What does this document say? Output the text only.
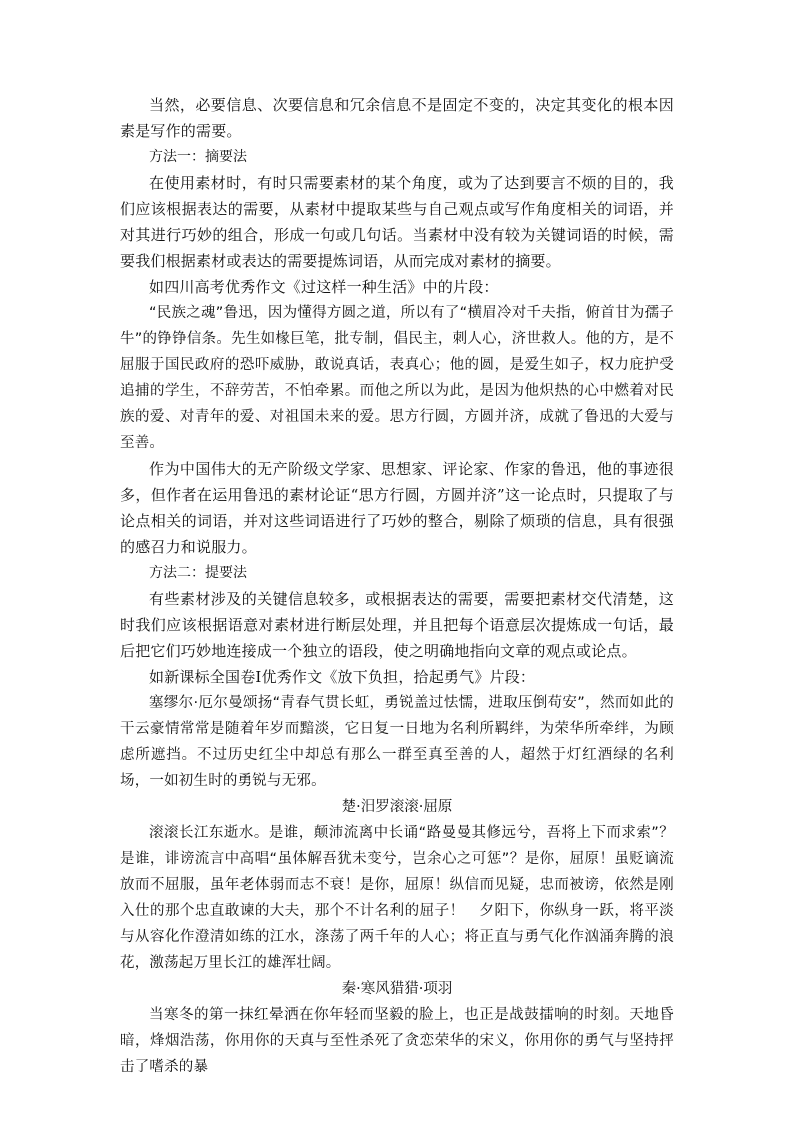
当然，必要信息、次要信息和冗余信息不是固定不变的，决定其变化的根本因素是写作的需要。

方法一：摘要法

在使用素材时，有时只需要素材的某个角度，或为了达到要言不烦的目的，我们应该根据表达的需要，从素材中提取某些与自己观点或写作角度相关的词语，并对其进行巧妙的组合，形成一句或几句话。当素材中没有较为关键词语的时候，需要我们根据素材或表达的需要提炼词语，从而完成对素材的摘要。

如四川高考优秀作文《过这样一种生活》中的片段：

“民族之魂”鲁迅，因为懂得方圆之道，所以有了“横眉冷对千夫指，俯首甘为孺子牛”的铮铮信条。先生如椽巨笔，批专制，倡民主，刺人心，济世救人。他的方，是不屈服于国民政府的恐吓威胁，敢说真话，表真心；他的圆，是爱生如子，权力庇护受追捕的学生，不辞劳苦，不怕牵累。而他之所以为此，是因为他炽热的心中燃着对民族的爱、对青年的爱、对祖国未来的爱。思方行圆，方圆并济，成就了鲁迅的大爱与至善。

作为中国伟大的无产阶级文学家、思想家、评论家、作家的鲁迅，他的事迹很多，但作者在运用鲁迅的素材论证“思方行圆，方圆并济”这一论点时，只提取了与论点相关的词语，并对这些词语进行了巧妙的整合，剔除了烦琐的信息，具有很强的感召力和说服力。

方法二：提要法

有些素材涉及的关键信息较多，或根据表达的需要，需要把素材交代清楚，这时我们应该根据语意对素材进行断层处理，并且把每个语意层次提炼成一句话，最后把它们巧妙地连接成一个独立的语段，使之明确地指向文章的观点或论点。

如新课标全国卷Ⅰ优秀作文《放下负担，拾起勇气》片段：

塞缪尔·厄尔曼颂扬“青春气贯长虹，勇锐盖过怯懦，进取压倒苟安”，然而如此的干云豪情常常是随着年岁而黯淡，它日复一日地为名利所羁绊，为荣华所牵绊，为顾虑所遮挡。不过历史红尘中却总有那么一群至真至善的人，超然于灯红酒绿的名利场，一如初生时的勇锐与无邪。

楚·汨罗滚滚·屈原

滚滚长江东逝水。是谁，颠沛流离中长诵“路曼曼其修远兮，吾将上下而求索”？是谁，诽谤流言中高唱“虽体解吾犹未变兮，岂余心之可惩”？是你，屈原！虽贬谪流放而不屈服，虽年老体弱而志不衰！是你，屈原！纵信而见疑，忠而被谤，依然是刚入仕的那个忠直敢谏的大夫，那个不计名利的屈子！　夕阳下，你纵身一跃，将平淡与从容化作澄清如练的江水，涤荡了两千年的人心；将正直与勇气化作汹涌奔腾的浪花，激荡起万里长江的雄浑壮阔。

秦·寒风猎猎·项羽

当寒冬的第一抹红晕洒在你年轻而坚毅的脸上，也正是战鼓擂响的时刻。天地昏暗，烽烟浩荡，你用你的天真与至性杀死了贪恋荣华的宋义，你用你的勇气与坚持抨击了嗜杀的暴
